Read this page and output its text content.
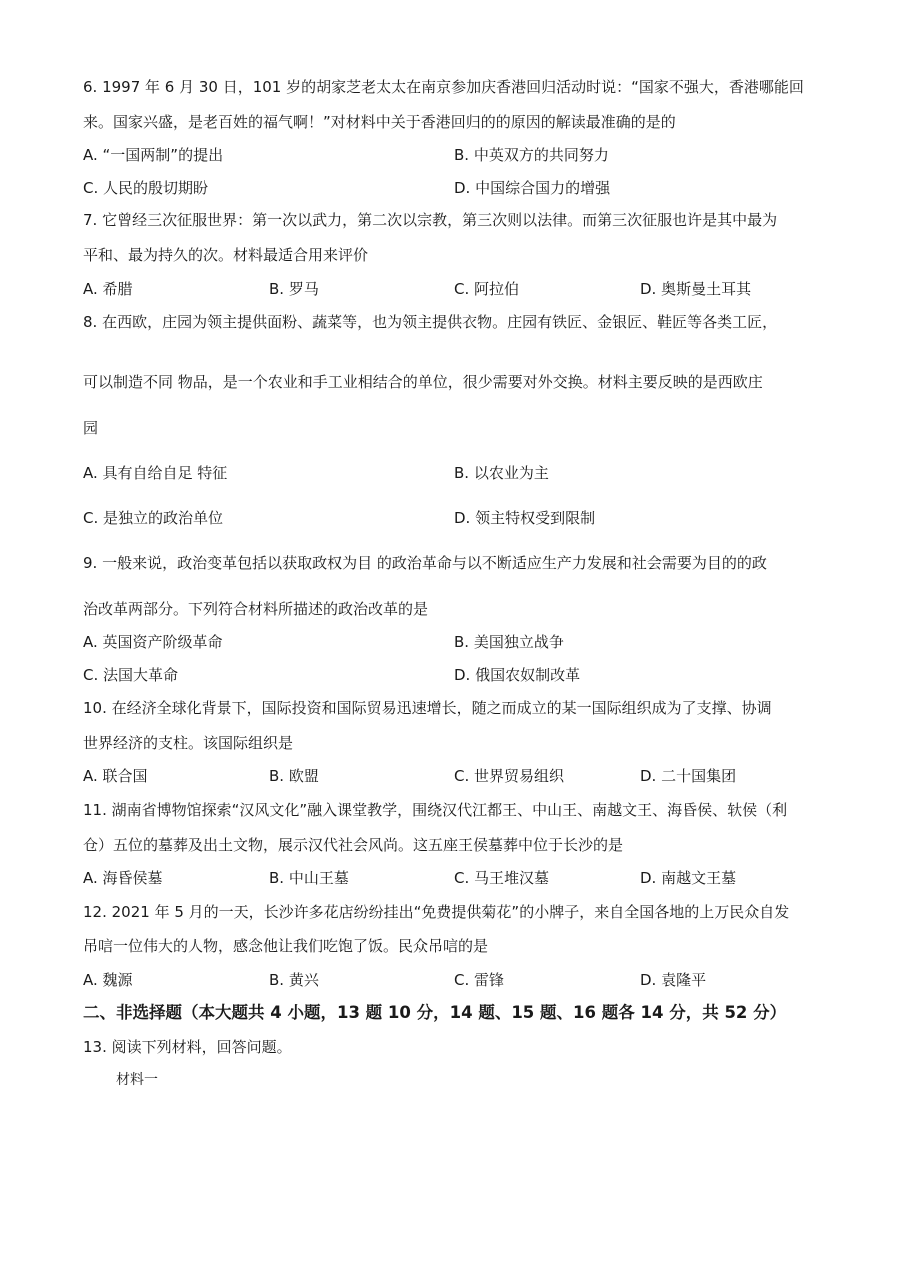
6. 1997 年 6 月 30 日，101 岁的胡家芝老太太在南京参加庆香港回归活动时说：“国家不强大，香港哪能回
来。国家兴盛，是老百姓的福气啊！”对材料中关于香港回归的的原因的解读最准确的是的
A. “一国两制”的提出	B. 中英双方的共同努力
C. 人民的殷切期盼	D. 中国综合国力的增强
7. 它曾经三次征服世界：第一次以武力，第二次以宗教，第三次则以法律。而第三次征服也许是其中最为
平和、最为持久的次。材料最适合用来评价
A. 希腊	B. 罗马	C. 阿拉伯	D. 奥斯曼土耳其
8. 在西欧，庄园为领主提供面粉、蔬菜等，也为领主提供衣物。庄园有铁匠、金银匠、鞋匠等各类工匠，
可以制造不同 物品，是一个农业和手工业相结合的单位，很少需要对外交换。材料主要反映的是西欧庄
园
A. 具有自给自足 特征	B. 以农业为主
C. 是独立的政治单位	D. 领主特权受到限制
9. 一般来说，政治变革包括以获取政权为目 的政治革命与以不断适应生产力发展和社会需要为目的的政
治改革两部分。下列符合材料所描述的政治改革的是
A. 英国资产阶级革命	B. 美国独立战争
C. 法国大革命	D. 俄国农奴制改革
10. 在经济全球化背景下，国际投资和国际贸易迅速增长，随之而成立的某一国际组织成为了支撑、协调
世界经济的支柱。该国际组织是
A. 联合国	B. 欧盟	C. 世界贸易组织	D. 二十国集团
11. 湖南省博物馆探索“汉风文化”融入课堂教学，围绕汉代江都王、中山王、南越文王、海昏侯、轪侯（利
仓）五位的墓葬及出土文物，展示汉代社会风尚。这五座王侯墓葬中位于长沙的是
A. 海昏侯墓	B. 中山王墓	C. 马王堆汉墓	D. 南越文王墓
12. 2021 年 5 月的一天，长沙许多花店纷纷挂出“免费提供菊花”的小牌子，来自全国各地的上万民众自发
吊唁一位伟大的人物，感念他让我们吃饱了饭。民众吊唁的是
A. 魏源	B. 黄兴	C. 雷锋	D. 袁隆平
二、非选择题（本大题共 4 小题，13 题 10 分，14 题、15 题、16 题各 14 分，共 52 分）
13. 阅读下列材料，回答问题。
材料一
